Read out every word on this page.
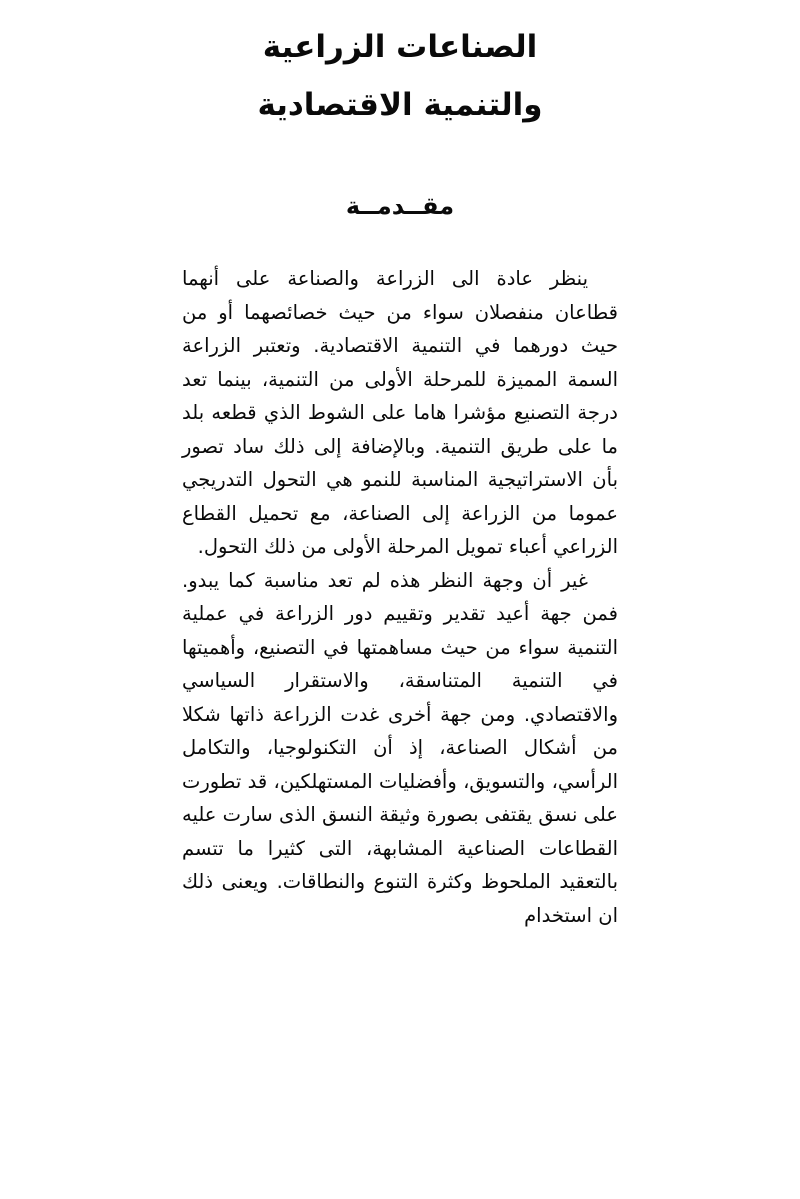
الصناعات الزراعية
والتنمية الاقتصادية
مقــدمــة

ينظر عادة الى الزراعة والصناعة على أنهما قطاعان منفصلان سواء من حيث خصائصهما أو من حيث دورهما في التنمية الاقتصادية. وتعتبر الزراعة السمة المميزة للمرحلة الأولى من التنمية، بينما تعد درجة التصنيع مؤشرا هاما على الشوط الذي قطعه بلد ما على طريق التنمية. وبالإضافة إلى ذلك ساد تصور بأن الاستراتيجية المناسبة للنمو هي التحول التدريجي عموما من الزراعة إلى الصناعة، مع تحميل القطاع الزراعي أعباء تمويل المرحلة الأولى من ذلك التحول.

غير أن وجهة النظر هذه لم تعد مناسبة كما يبدو. فمن جهة أعيد تقدير وتقييم دور الزراعة في عملية التنمية سواء من حيث مساهمتها في التصنيع، وأهميتها في التنمية المتناسقة، والاستقرار السياسي والاقتصادي. ومن جهة أخرى غدت الزراعة ذاتها شكلا من أشكال الصناعة، إذ أن التكنولوجيا، والتكامل الرأسي، والتسويق، وأفضليات المستهلكين، قد تطورت على نسق يقتفى بصورة وثيقة النسق الذى سارت عليه القطاعات الصناعية المشابهة، التى كثيرا ما تتسم بالتعقيد الملحوظ وكثرة التنوع والنطاقات. ويعنى ذلك ان استخدام
